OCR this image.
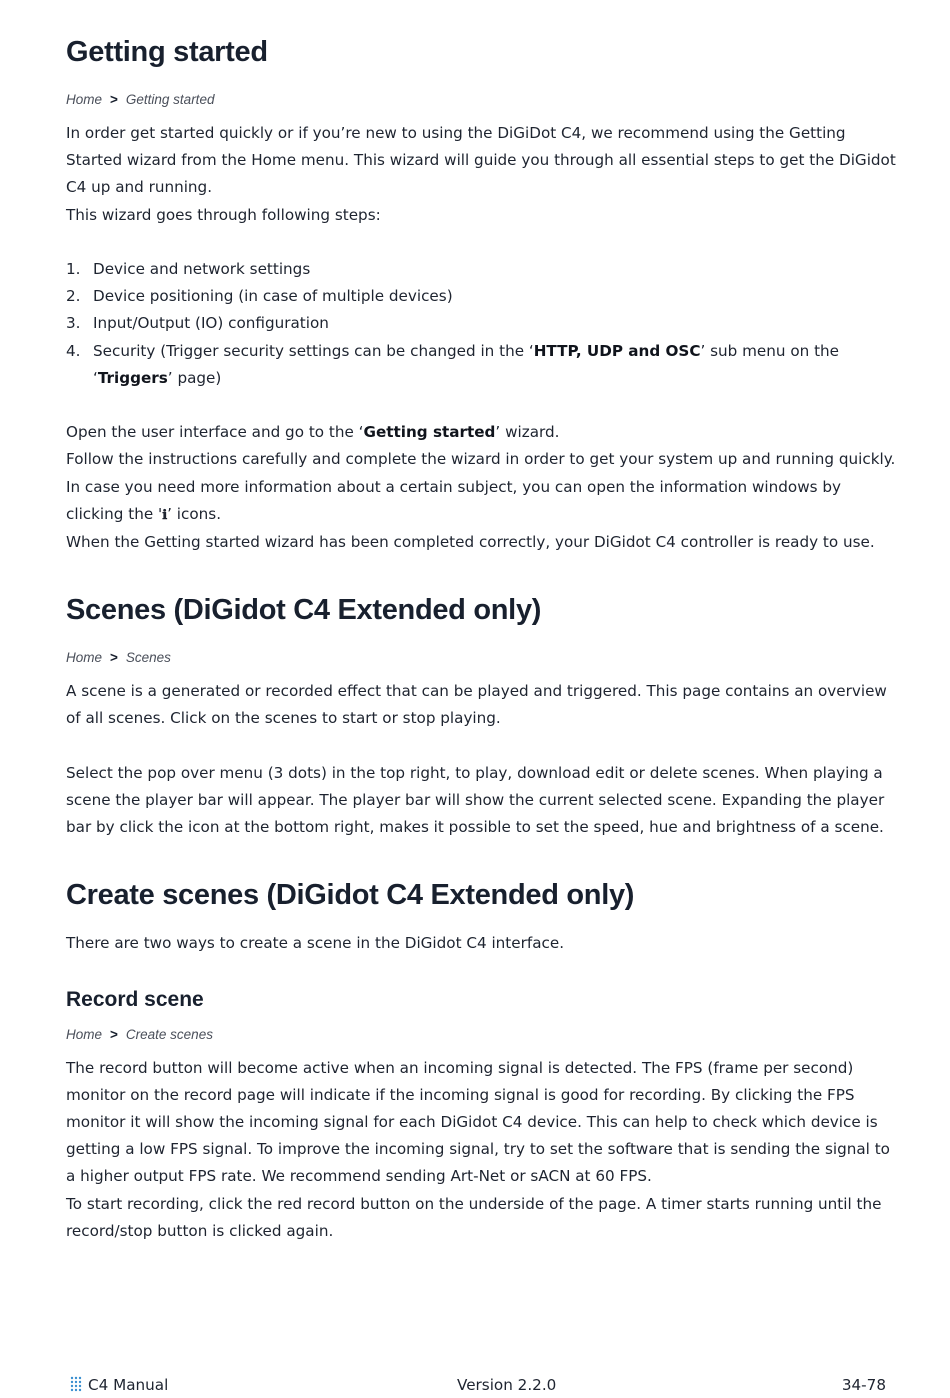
Getting started
Home > Getting started

In order get started quickly or if you’re new to using the DiGiDot C4, we recommend using the Getting Started wizard from the Home menu. This wizard will guide you through all essential steps to get the DiGidot C4 up and running.

This wizard goes through following steps:

1. Device and network settings
2. Device positioning (in case of multiple devices)
3. Input/Output (IO) configuration
4. Security (Trigger security settings can be changed in the ‘HTTP, UDP and OSC’ sub menu on the ‘Triggers’ page)

Open the user interface and go to the ‘Getting started’ wizard.

Follow the instructions carefully and complete the wizard in order to get your system up and running quickly. In case you need more information about a certain subject, you can open the information windows by clicking the 'ℹ’ icons.

When the Getting started wizard has been completed correctly, your DiGidot C4 controller is ready to use.

Scenes (DiGidot C4 Extended only)
Home > Scenes

A scene is a generated or recorded effect that can be played and triggered. This page contains an overview of all scenes. Click on the scenes to start or stop playing.

Select the pop over menu (3 dots) in the top right, to play, download edit or delete scenes. When playing a scene the player bar will appear. The player bar will show the current selected scene. Expanding the player bar by click the icon at the bottom right, makes it possible to set the speed, hue and brightness of a scene.

Create scenes (DiGidot C4 Extended only)

There are two ways to create a scene in the DiGidot C4 interface.

Record scene
Home > Create scenes

The record button will become active when an incoming signal is detected. The FPS (frame per second) monitor on the record page will indicate if the incoming signal is good for recording. By clicking the FPS monitor it will show the incoming signal for each DiGidot C4 device. This can help to check which device is getting a low FPS signal. To improve the incoming signal, try to set the software that is sending the signal to a higher output FPS rate. We recommend sending Art-Net or sACN at 60 FPS.

To start recording, click the red record button on the underside of the page. A timer starts running until the record/stop button is clicked again.

C4 Manual	Version 2.2.0	34-78
